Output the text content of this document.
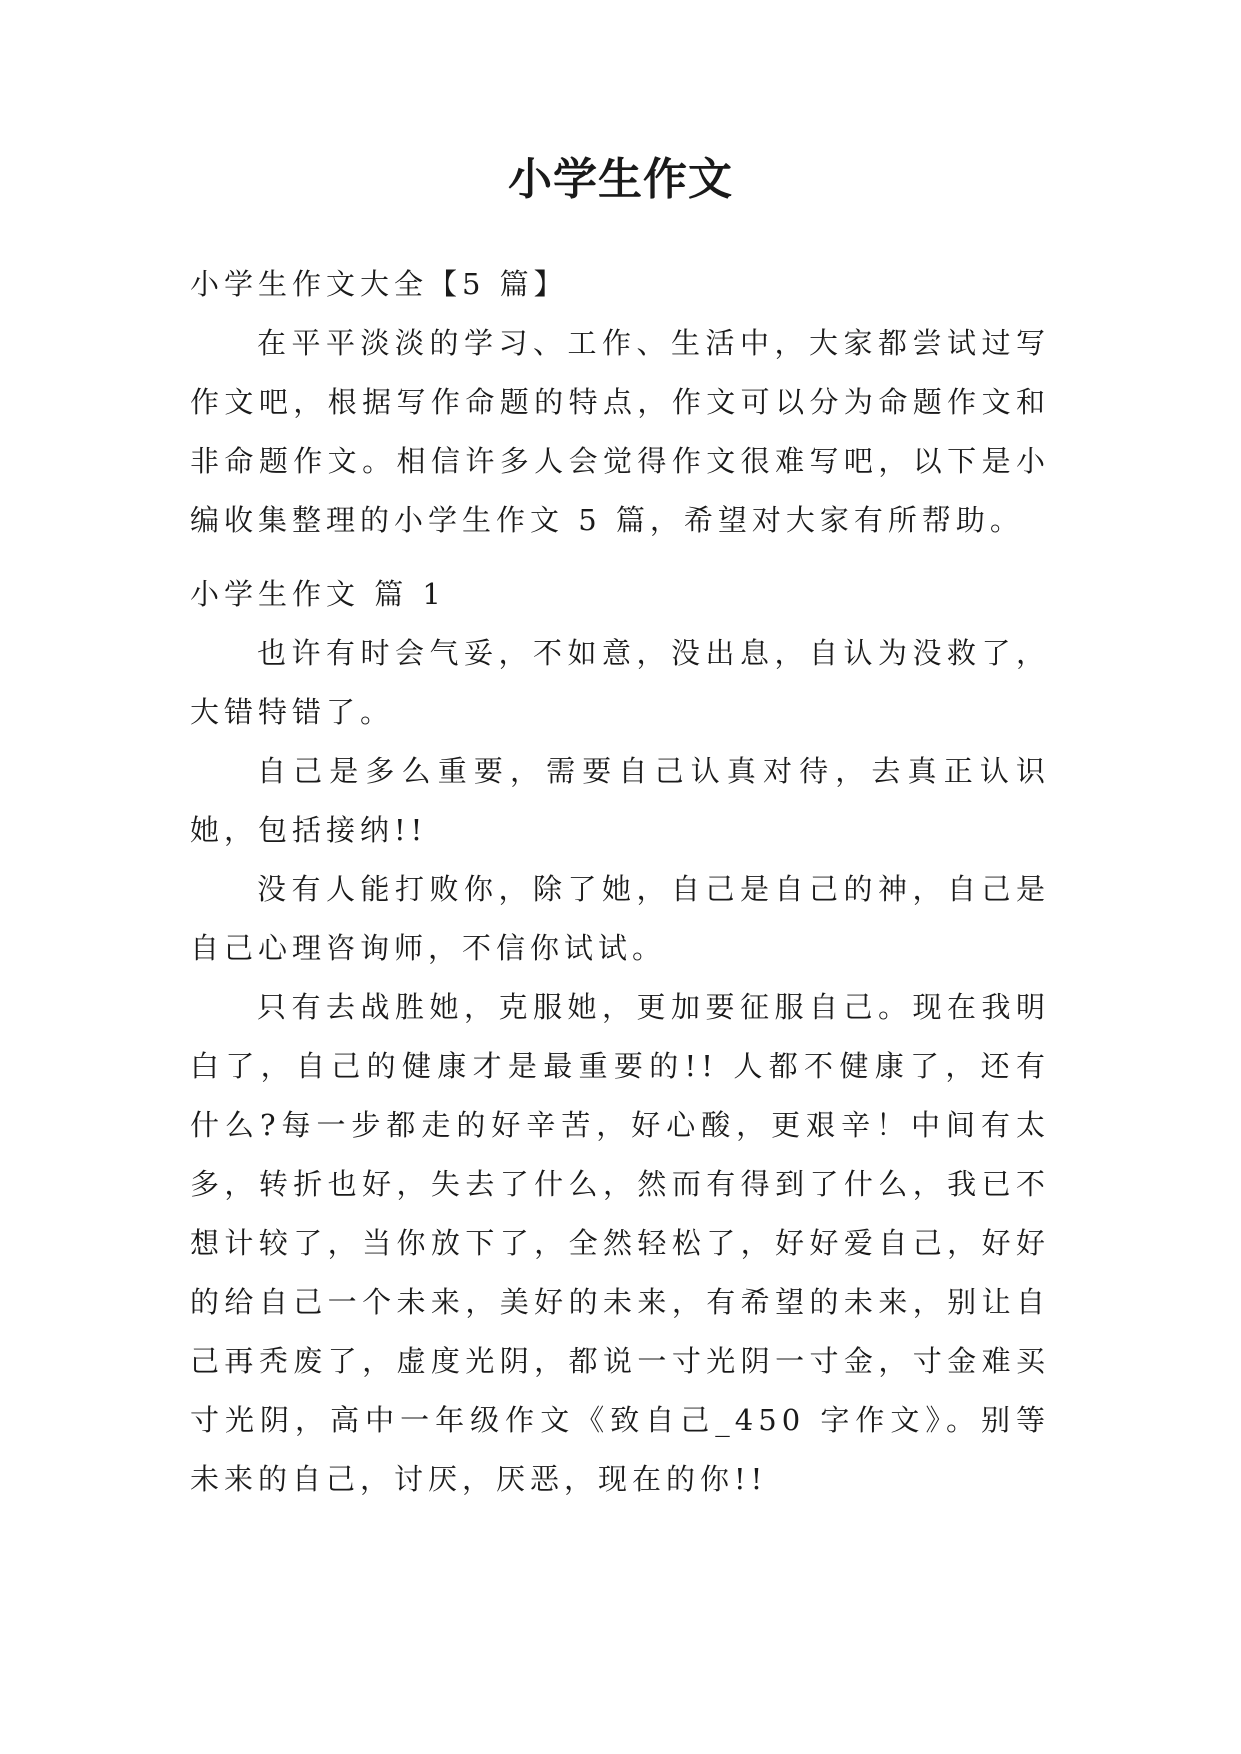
小学生作文

小学生作文大全【5 篇】

在平平淡淡的学习、工作、生活中，大家都尝试过写作文吧，根据写作命题的特点，作文可以分为命题作文和非命题作文。相信许多人会觉得作文很难写吧，以下是小编收集整理的小学生作文 5 篇，希望对大家有所帮助。

小学生作文 篇 1

也许有时会气妥，不如意，没出息，自认为没救了，大错特错了。

自己是多么重要，需要自己认真对待，去真正认识她，包括接纳!!

没有人能打败你，除了她，自己是自己的神，自己是自己心理咨询师，不信你试试。

只有去战胜她，克服她，更加要征服自己。现在我明白了，自己的健康才是最重要的!! 人都不健康了，还有什么?每一步都走的好辛苦，好心酸，更艰辛！中间有太多，转折也好，失去了什么，然而有得到了什么，我已不想计较了，当你放下了，全然轻松了，好好爱自己，好好的给自己一个未来，美好的未来，有希望的未来，别让自己再秃废了，虚度光阴，都说一寸光阴一寸金，寸金难买寸光阴，高中一年级作文《致自己_450 字作文》。别等未来的自己，讨厌，厌恶，现在的你!!
